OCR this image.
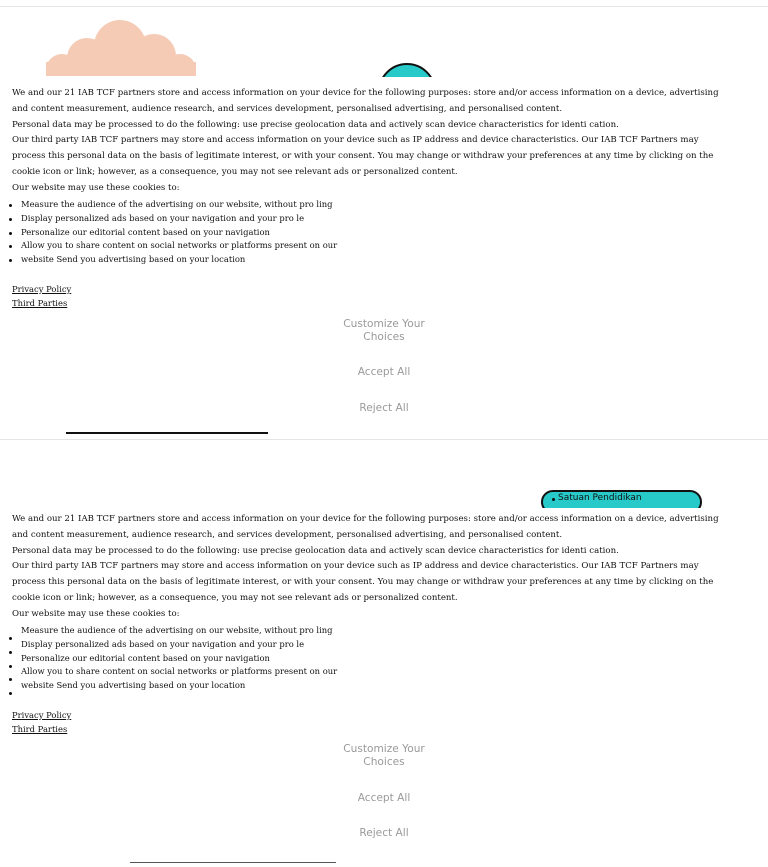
We and our 21 IAB TCF partners store and access information on your device for the following purposes: store and/or access information on a device, advertising and content measurement, audience research, and services development, personalised advertising, and personalised content.

Personal data may be processed to do the following: use precise geolocation data and actively scan device characteristics for identi cation.

Our third party IAB TCF partners may store and access information on your device such as IP address and device characteristics. Our IAB TCF Partners may process this personal data on the basis of legitimate interest, or with your consent. You may change or withdraw your preferences at any time by clicking on the cookie icon or link; however, as a consequence, you may not see relevant ads or personalized content.

Our website may use these cookies to:

Measure the audience of the advertising on our website, without pro ling
Display personalized ads based on your navigation and your pro le
Personalize our editorial content based on your navigation
Allow you to share content on social networks or platforms present on our
website Send you advertising based on your location
Privacy Policy
Third Parties
Customize Your
Choices
Accept All
Reject All
Satuan Pendidikan

We and our 21 IAB TCF partners store and access information on your device for the following purposes: store and/or access information on a device, advertising and content measurement, audience research, and services development, personalised advertising, and personalised content.

Personal data may be processed to do the following: use precise geolocation data and actively scan device characteristics for identi cation.

Our third party IAB TCF partners may store and access information on your device such as IP address and device characteristics. Our IAB TCF Partners may process this personal data on the basis of legitimate interest, or with your consent. You may change or withdraw your preferences at any time by clicking on the cookie icon or link; however, as a consequence, you may not see relevant ads or personalized content.

Our website may use these cookies to:

Measure the audience of the advertising on our website, without pro ling
Display personalized ads based on your navigation and your pro le
Personalize our editorial content based on your navigation
Allow you to share content on social networks or platforms present on our
website Send you advertising based on your location
Privacy Policy
Third Parties
Customize Your
Choices
Accept All
Reject All
